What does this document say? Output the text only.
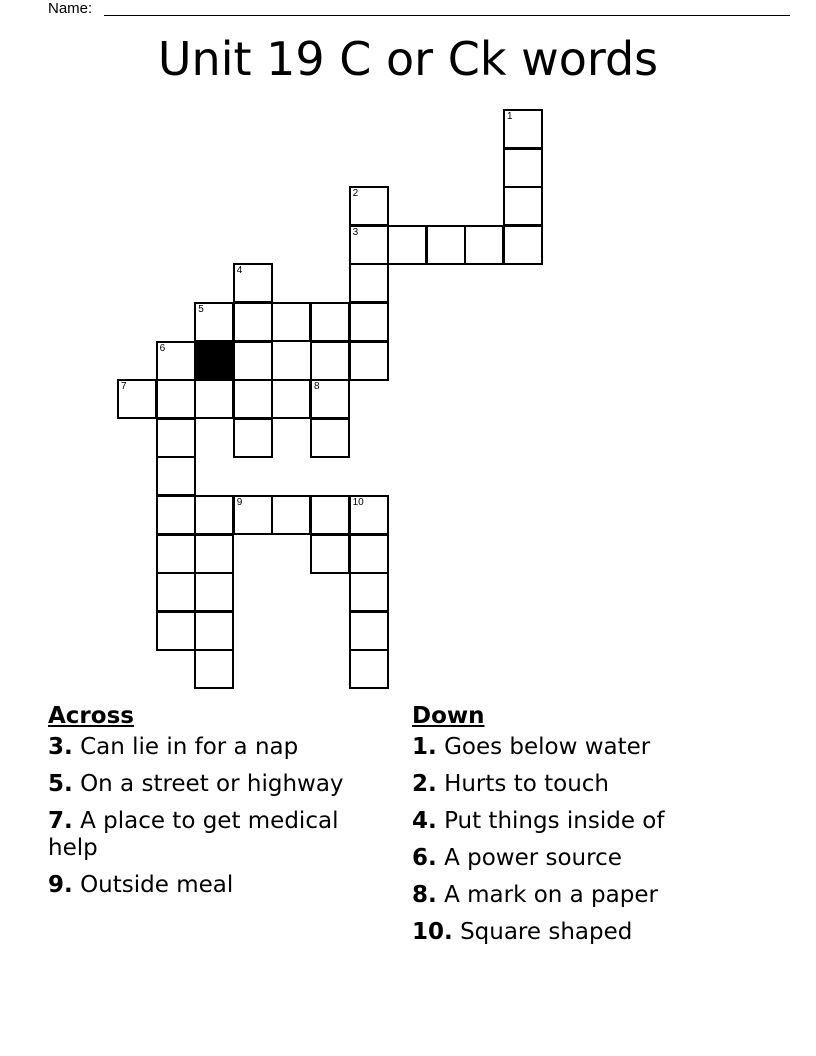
Name:
Unit 19 C or Ck words
1
2
3
4
5
6
8
7
9	10
Across
3. Can lie in for a nap
5. On a street or highway
7. A place to get medical help
9. Outside meal
Down
1. Goes below water
2. Hurts to touch
4. Put things inside of
6. A power source
8. A mark on a paper
10. Square shaped
